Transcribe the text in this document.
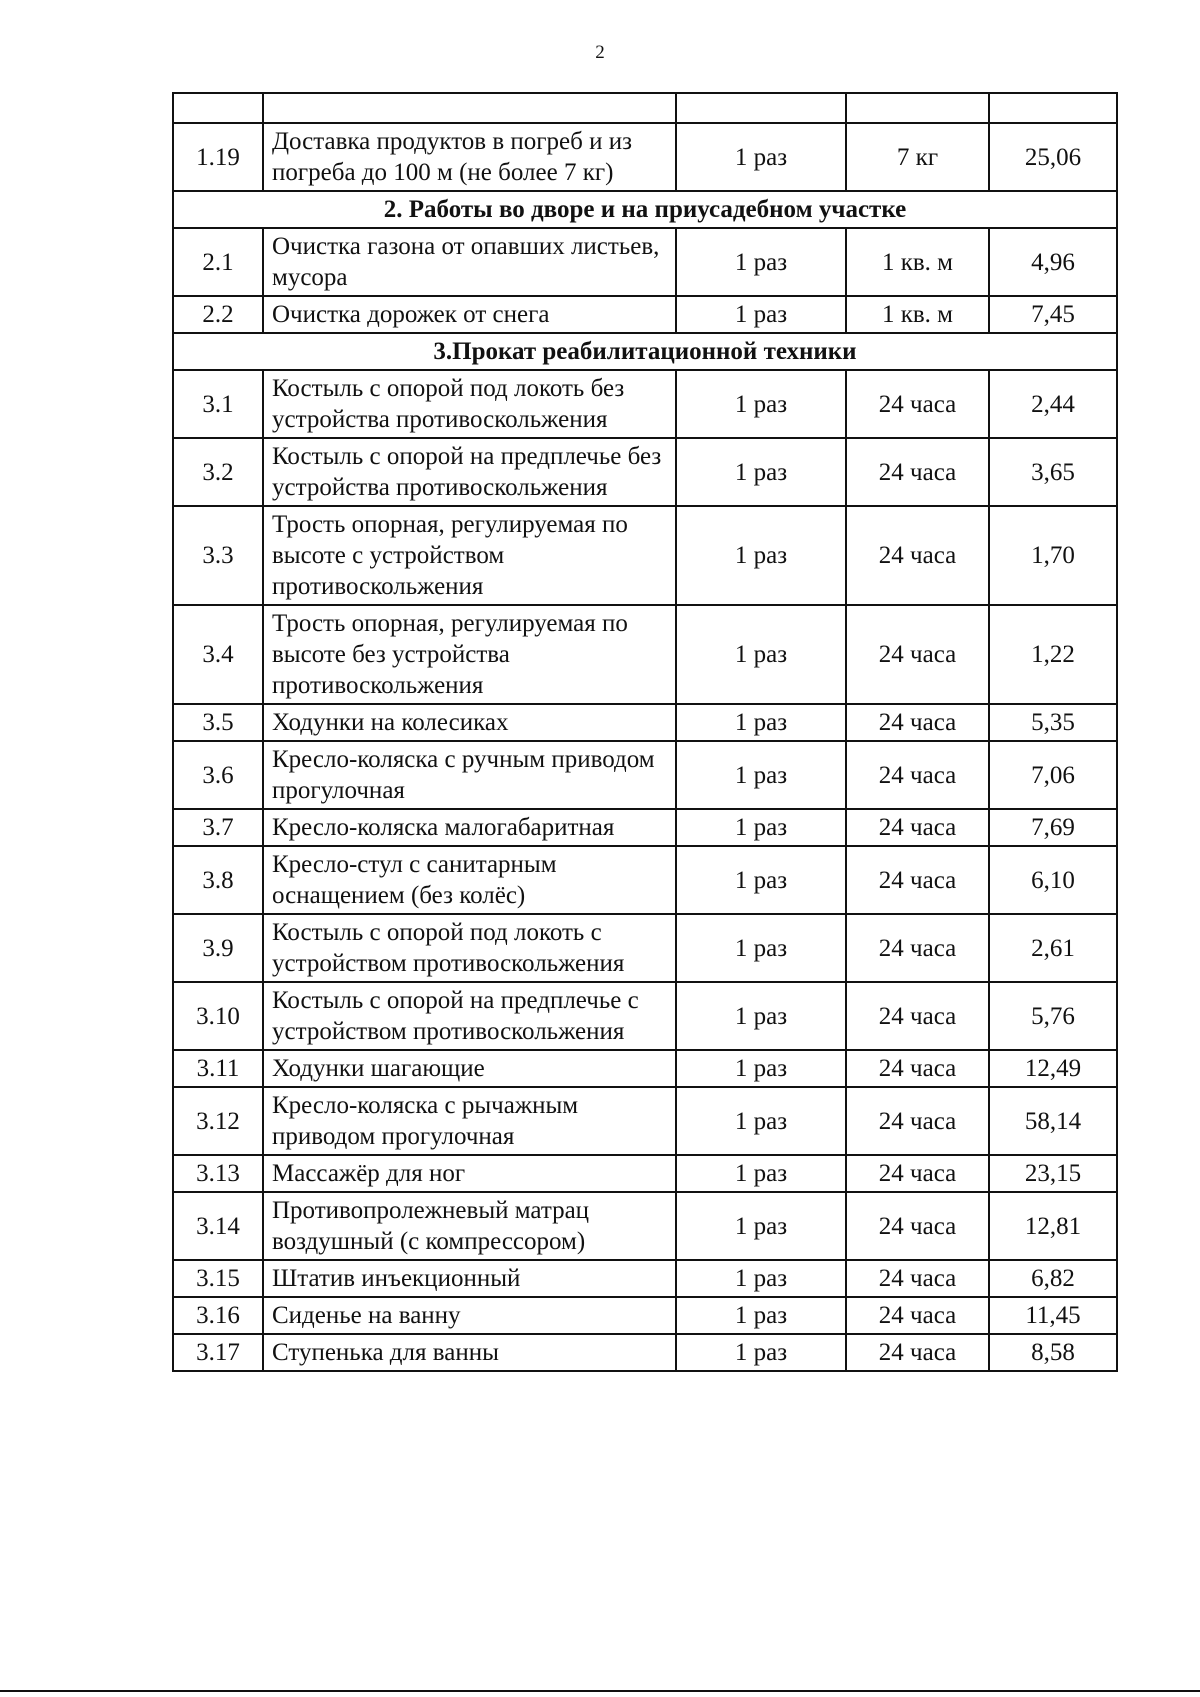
2

1.19	Доставка продуктов в погреб и из погреба до 100 м (не более 7 кг)	1 раз	7 кг	25,06
2. Работы во дворе и на приусадебном участке				
2.1	Очистка газона от опавших листьев, мусора	1 раз	1 кв. м	4,96
2.2	Очистка дорожек от снега	1 раз	1 кв. м	7,45
3.Прокат реабилитационной техники				
3.1	Костыль с опорой под локоть без устройства противоскольжения	1 раз	24 часа	2,44
3.2	Костыль с опорой на предплечье без устройства противоскольжения	1 раз	24 часа	3,65
3.3	Трость опорная, регулируемая по высоте с устройством противоскольжения	1 раз	24 часа	1,70
3.4	Трость опорная, регулируемая по высоте без устройства противоскольжения	1 раз	24 часа	1,22
3.5	Ходунки на колесиках	1 раз	24 часа	5,35
3.6	Кресло-коляска с ручным приводом прогулочная	1 раз	24 часа	7,06
3.7	Кресло-коляска малогабаритная	1 раз	24 часа	7,69
3.8	Кресло-стул с санитарным оснащением (без колёс)	1 раз	24 часа	6,10
3.9	Костыль с опорой под локоть с устройством противоскольжения	1 раз	24 часа	2,61
3.10	Костыль с опорой на предплечье с устройством противоскольжения	1 раз	24 часа	5,76
3.11	Ходунки шагающие	1 раз	24 часа	12,49
3.12	Кресло-коляска с рычажным приводом прогулочная	1 раз	24 часа	58,14
3.13	Массажёр для ног	1 раз	24 часа	23,15
3.14	Противопролежневый матрац воздушный (с компрессором)	1 раз	24 часа	12,81
3.15	Штатив инъекционный	1 раз	24 часа	6,82
3.16	Сиденье на ванну	1 раз	24 часа	11,45
3.17	Ступенька для ванны	1 раз	24 часа	8,58
